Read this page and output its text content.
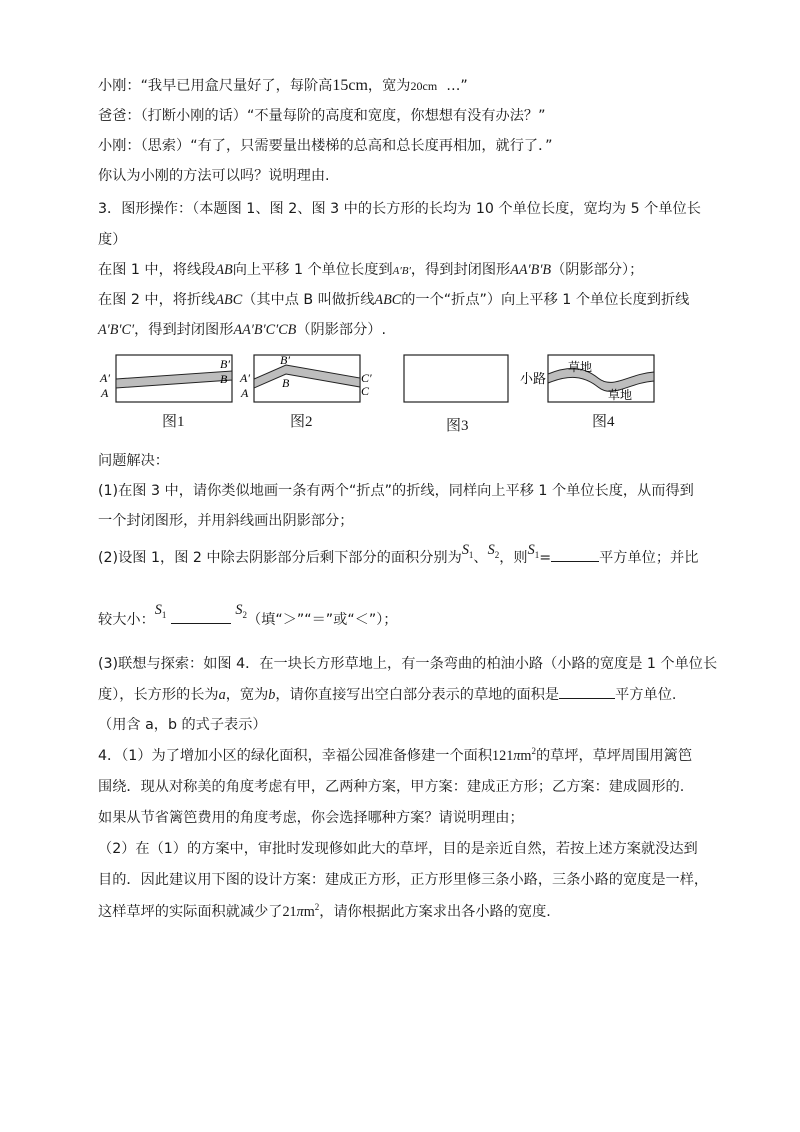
小刚：“我早已用盒尺量好了，每阶高15cm，宽为20cm …”
爸爸：（打断小刚的话）“不量每阶的高度和宽度，你想想有没有办法？”
小刚：（思索）“有了，只需要量出楼梯的总高和总长度再相加，就行了．”
你认为小刚的方法可以吗？说明理由.
3．图形操作：（本题图 1、图 2、图 3 中的长方形的长均为 10 个单位长度，宽均为 5 个单位长
度）
在图 1 中，将线段AB向上平移 1 个单位长度到A′B′，得到封闭图形AA′B′B（阴影部分）；
在图 2 中，将折线ABC（其中点 B 叫做折线ABC的一个“折点”）向上平移 1 个单位长度到折线
A′B′C′，得到封闭图形AA′B′C′CB（阴影部分）.
A′
A
B′
B A′
A
B′
B	C′
C
小路
草地
草地
图1	图2	图3	图4
问题解决：
(1)在图 3 中，请你类似地画一条有两个“折点”的折线，同样向上平移 1 个单位长度，从而得到
一个封闭图形，并用斜线画出阴影部分；
(2)设图 1，图 2 中除去阴影部分后剩下部分的面积分别为$S_1$、$S_2$，则$S_1=$	平方单位；并比
较大小：$S_1$	$S_2$（填“＞”“＝”或“＜”）；
(3)联想与探索：如图 4．在一块长方形草地上，有一条弯曲的柏油小路（小路的宽度是 1 个单位长
度），长方形的长为a，宽为b，请你直接写出空白部分表示的草地的面积是	平方单位.
（用含 a，b 的式子表示）
4．（1）为了增加小区的绿化面积，幸福公园准备修建一个面积$121\pi m^2$的草坪，草坪周围用篱笆
围绕．现从对称美的角度考虑有甲，乙两种方案，甲方案：建成正方形；乙方案：建成圆形的.
如果从节省篱笆费用的角度考虑，你会选择哪种方案？请说明理由；
（2）在（1）的方案中，审批时发现修如此大的草坪，目的是亲近自然，若按上述方案就没达到
目的．因此建议用下图的设计方案：建成正方形，正方形里修三条小路，三条小路的宽度是一样，
这样草坪的实际面积就减少了$21\pi m^2$，请你根据此方案求出各小路的宽度.
